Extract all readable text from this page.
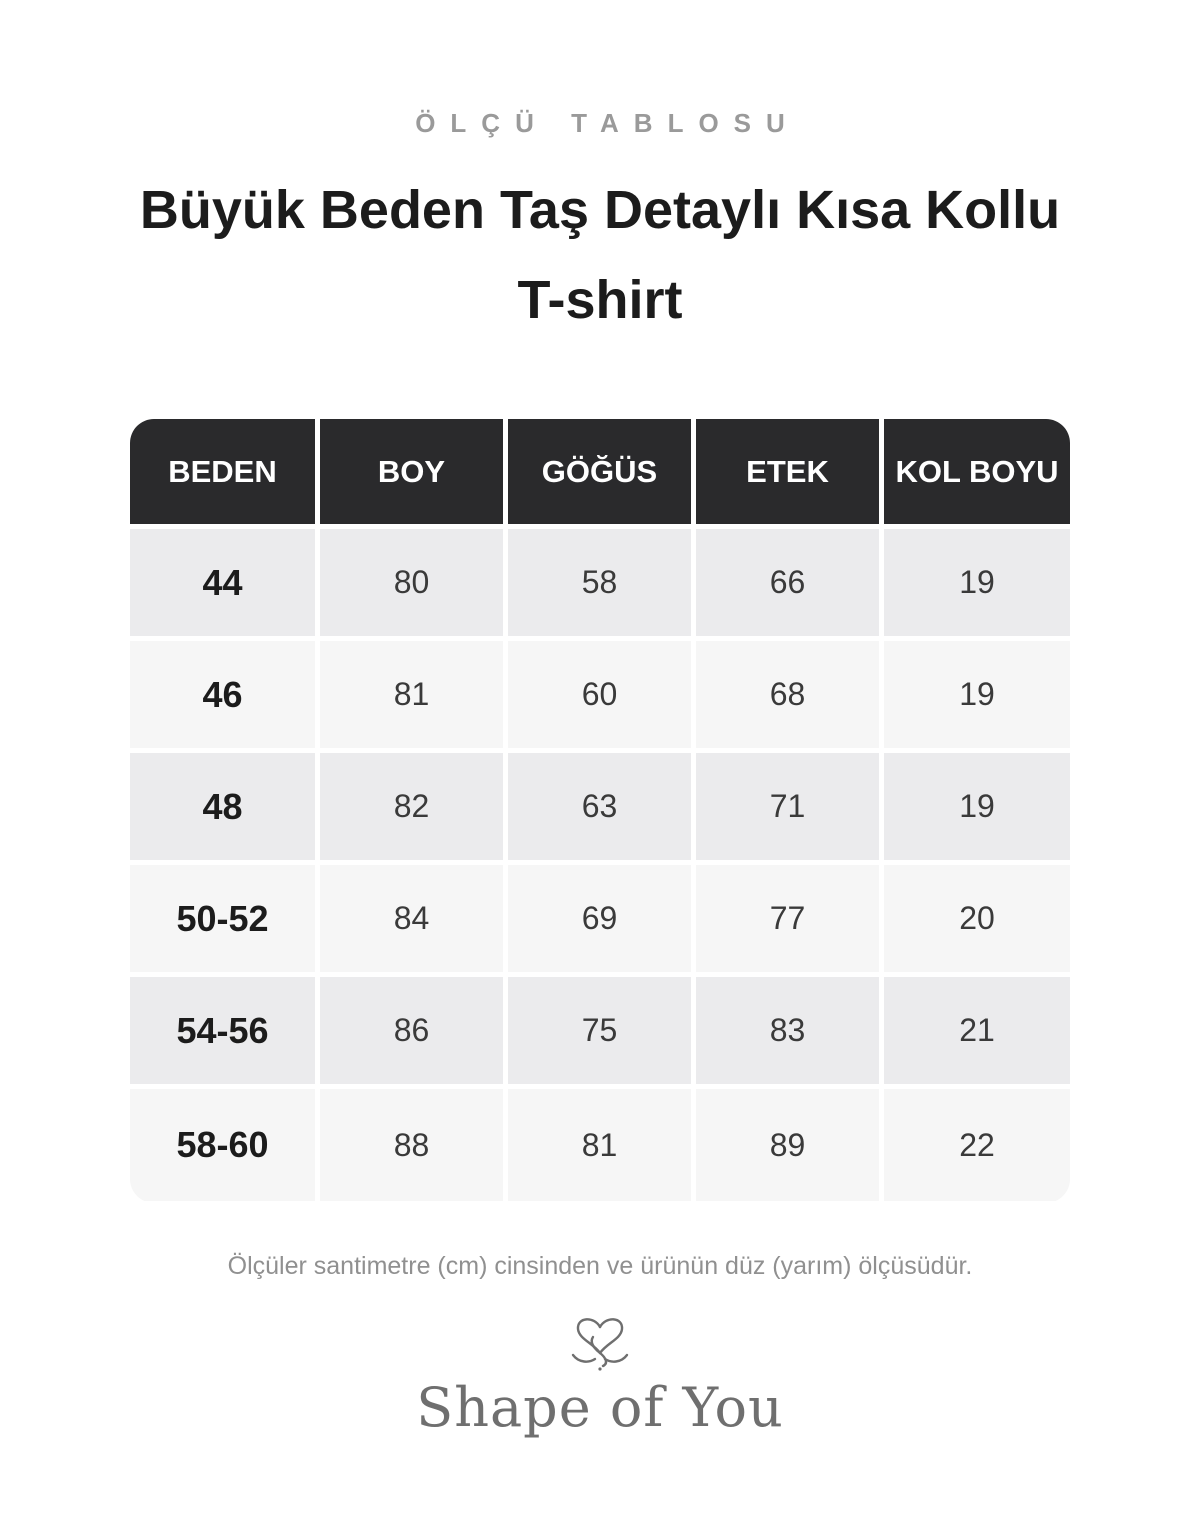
ÖLÇÜ TABLOSU
Büyük Beden Taş Detaylı Kısa Kollu
T-shirt
BEDEN	BOY	GÖĞÜS	ETEK	KOL BOYU
44	80	58	66	19
46	81	60	68	19
48	82	63	71	19
50-52	84	69	77	20
54-56	86	75	83	21
58-60	88	81	89	22
Ölçüler santimetre (cm) cinsinden ve ürünün düz (yarım) ölçüsüdür.
Shape of You
